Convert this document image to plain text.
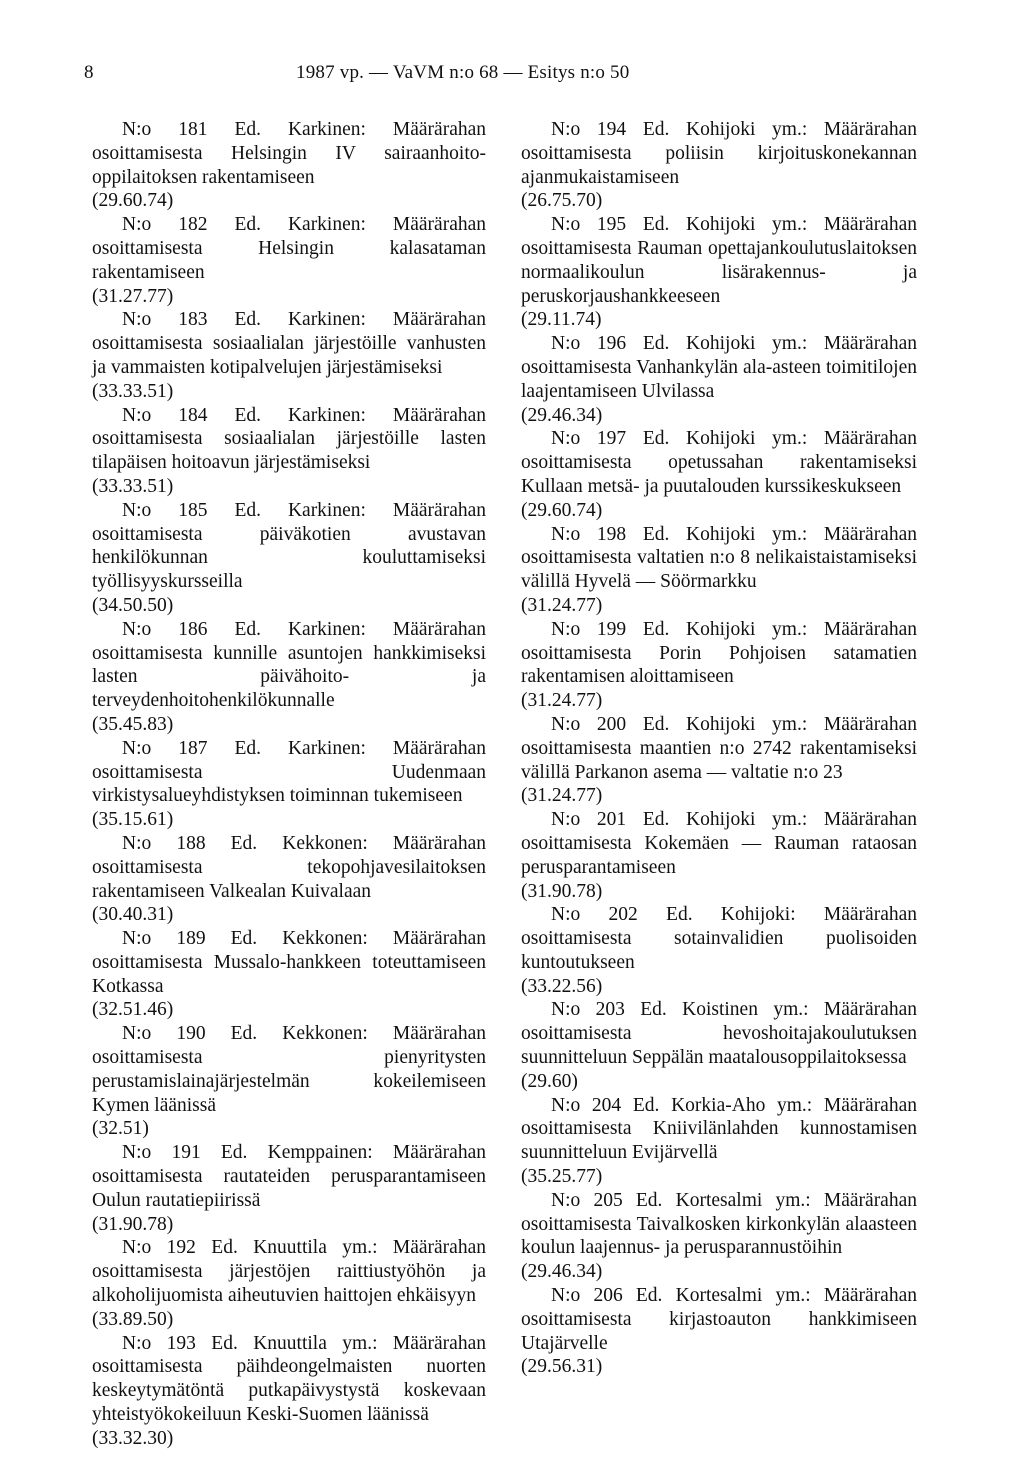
8	1987 vp. — VaVM n:o 68 — Esitys n:o 50

N:o 181 Ed. Karkinen: Määrärahan osoittamisesta Helsingin IV sairaanhoito-oppilaitoksen rakentamiseen

(29.60.74)

N:o 182 Ed. Karkinen: Määrärahan osoittamisesta Helsingin kalasataman rakentamiseen

(31.27.77)

N:o 183 Ed. Karkinen: Määrärahan osoittamisesta sosiaalialan järjestöille vanhusten ja vammaisten kotipalvelujen järjestämiseksi

(33.33.51)

N:o 184 Ed. Karkinen: Määrärahan osoittamisesta sosiaalialan järjestöille lasten tilapäisen hoitoavun järjestämiseksi

(33.33.51)

N:o 185 Ed. Karkinen: Määrärahan osoittamisesta päiväkotien avustavan henkilökunnan kouluttamiseksi työllisyyskursseilla

(34.50.50)

N:o 186 Ed. Karkinen: Määrärahan osoittamisesta kunnille asuntojen hankkimiseksi lasten päivähoito- ja terveydenhoitohenkilökunnalle

(35.45.83)

N:o 187 Ed. Karkinen: Määrärahan osoittamisesta Uudenmaan virkistysalueyhdistyksen toiminnan tukemiseen

(35.15.61)

N:o 188 Ed. Kekkonen: Määrärahan osoittamisesta tekopohjavesilaitoksen rakentamiseen Valkealan Kuivalaan

(30.40.31)

N:o 189 Ed. Kekkonen: Määrärahan osoittamisesta Mussalo-hankkeen toteuttamiseen Kotkassa

(32.51.46)

N:o 190 Ed. Kekkonen: Määrärahan osoittamisesta pienyritysten perustamislainajärjestelmän kokeilemiseen Kymen läänissä

(32.51)

N:o 191 Ed. Kemppainen: Määrärahan osoittamisesta rautateiden perusparantamiseen Oulun rautatiepiirissä

(31.90.78)

N:o 192 Ed. Knuuttila ym.: Määrärahan osoittamisesta järjestöjen raittiustyöhön ja alkoholijuomista aiheutuvien haittojen ehkäisyyn

(33.89.50)

N:o 193 Ed. Knuuttila ym.: Määrärahan osoittamisesta päihdeongelmaisten nuorten keskeytymätöntä putkapäivystystä koskevaan yhteistyökokeiluun Keski-Suomen läänissä

(33.32.30)

N:o 194 Ed. Kohijoki ym.: Määrärahan osoittamisesta poliisin kirjoituskonekannan ajanmukaistamiseen

(26.75.70)

N:o 195 Ed. Kohijoki ym.: Määrärahan osoittamisesta Rauman opettajankoulutuslaitoksen normaalikoulun lisärakennus- ja peruskorjaushankkeeseen

(29.11.74)

N:o 196 Ed. Kohijoki ym.: Määrärahan osoittamisesta Vanhankylän ala-asteen toimitilojen laajentamiseen Ulvilassa

(29.46.34)

N:o 197 Ed. Kohijoki ym.: Määrärahan osoittamisesta opetussahan rakentamiseksi Kullaan metsä- ja puutalouden kurssikeskukseen

(29.60.74)

N:o 198 Ed. Kohijoki ym.: Määrärahan osoittamisesta valtatien n:o 8 nelikaistaistamiseksi välillä Hyvelä — Söörmarkku

(31.24.77)

N:o 199 Ed. Kohijoki ym.: Määrärahan osoittamisesta Porin Pohjoisen satamatien rakentamisen aloittamiseen

(31.24.77)

N:o 200 Ed. Kohijoki ym.: Määrärahan osoittamisesta maantien n:o 2742 rakentamiseksi välillä Parkanon asema — valtatie n:o 23

(31.24.77)

N:o 201 Ed. Kohijoki ym.: Määrärahan osoittamisesta Kokemäen — Rauman rataosan perusparantamiseen

(31.90.78)

N:o 202 Ed. Kohijoki: Määrärahan osoittamisesta sotainvalidien puolisoiden kuntoutukseen

(33.22.56)

N:o 203 Ed. Koistinen ym.: Määrärahan osoittamisesta hevoshoitajakoulutuksen suunnitteluun Seppälän maatalousoppilaitoksessa

(29.60)

N:o 204 Ed. Korkia-Aho ym.: Määrärahan osoittamisesta Kniivilänlahden kunnostamisen suunnitteluun Evijärvellä

(35.25.77)

N:o 205 Ed. Kortesalmi ym.: Määrärahan osoittamisesta Taivalkosken kirkonkylän alaasteen koulun laajennus- ja perusparannustöihin

(29.46.34)

N:o 206 Ed. Kortesalmi ym.: Määrärahan osoittamisesta kirjastoauton hankkimiseen Utajärvelle

(29.56.31)
